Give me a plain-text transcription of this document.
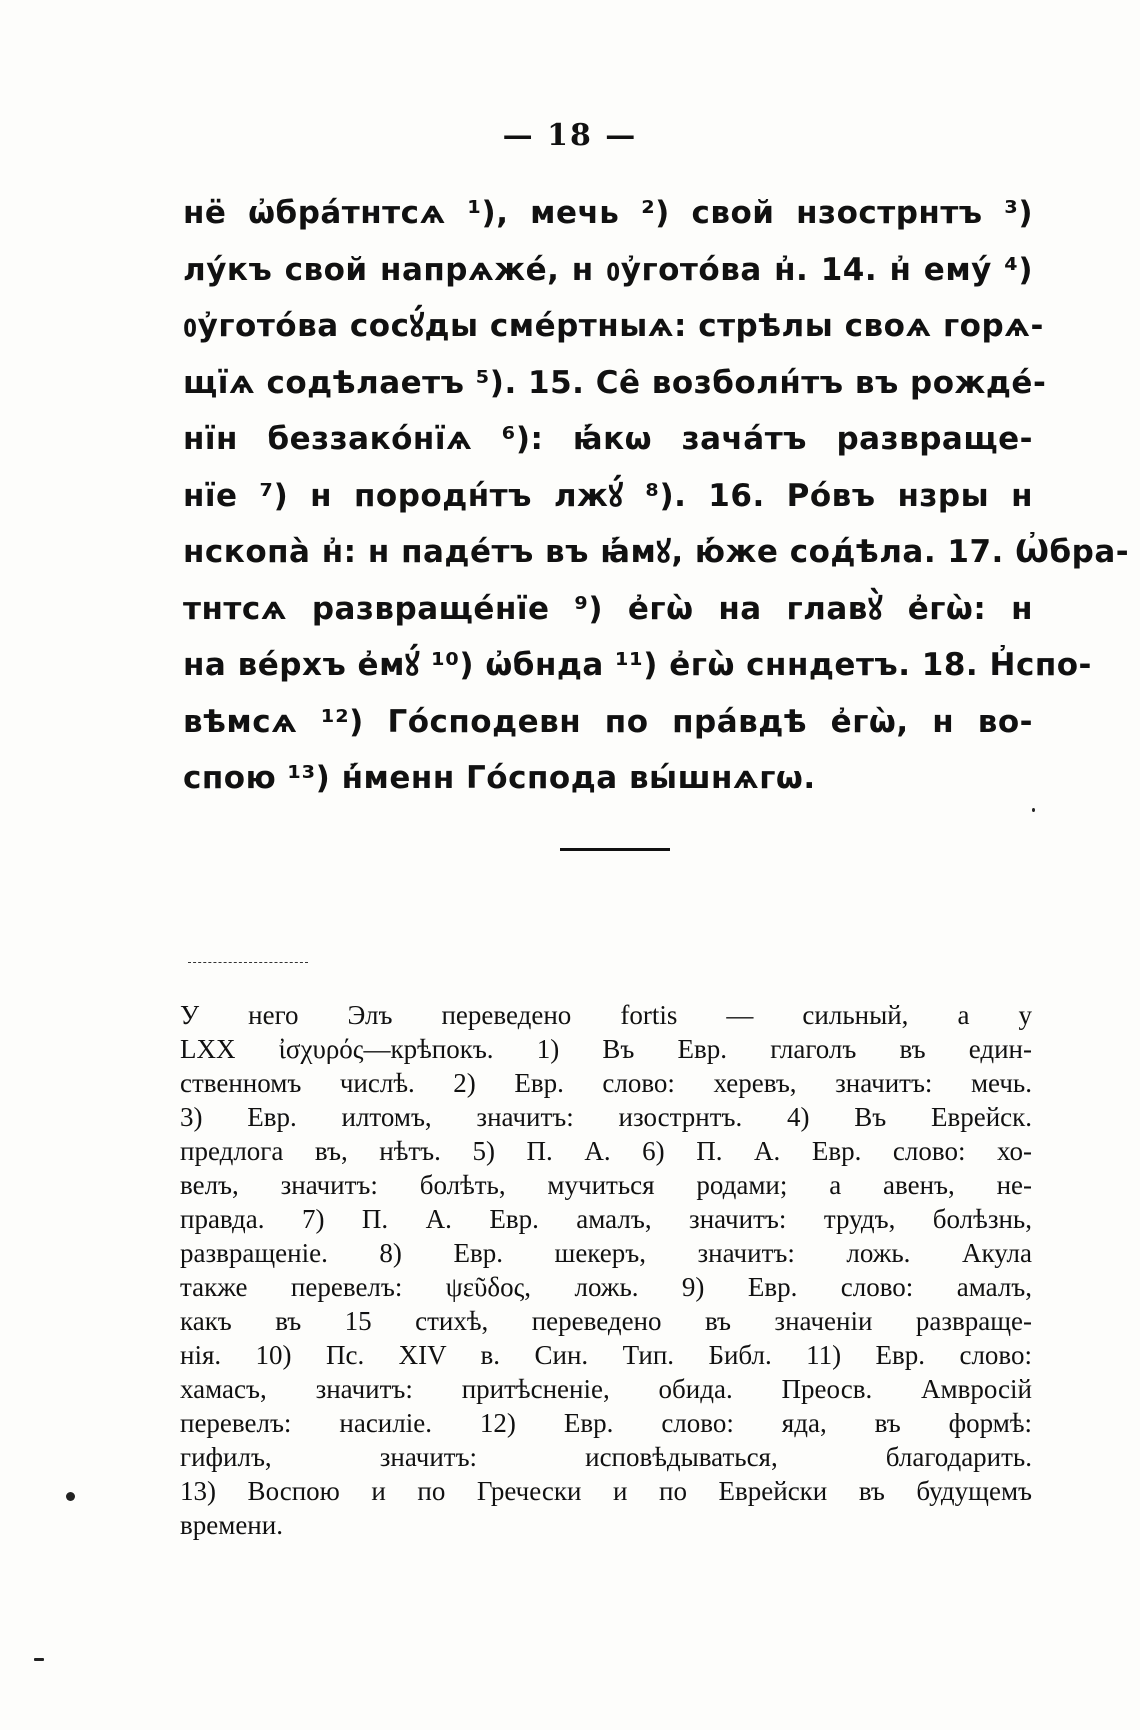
— 18 —
нё ѡ҆бра́тнтсѧ ¹), мечь ²) свой нзострнтъ ³)
лу́къ свой напрѧже́, н ᲂу҆гото́ва н҆. 14. н҆ ему́ ⁴)
ᲂу҆гото́ва сосꙋ́ды сме́ртныѧ: стрѣлы своѧ горѧ-
щїѧ содѣлаетъ ⁵). 15. Се̑ возболн́тъ въ рожде́-
нїн беззако́нїѧ ⁶): ꙗ҆́кѡ зача́тъ развраще-
нїе ⁷) н породн́тъ лжꙋ́ ⁸). 16. Ро́въ нзры н
нскопа̀ н҆: н паде́тъ въ ꙗ҆́мꙋ, ю҆́же сод́ѣла. 17. Ѡ҆бра-
тнтсѧ развраще́нїе ⁹) е҆гѡ̀ на главꙋ̀ е҆гѡ̀: н
на ве́рхъ е҆мꙋ́ ¹⁰) ѡ҆бнда ¹¹) е҆гѡ̀ снндетъ. 18. Н҆спо-
вѣмсѧ ¹²) Го́сподевн по пра́вдѣ е҆гѡ̀, н во-
спою ¹³) н҆́менн Го́спода вы́шнѧгѡ.
У него Элъ переведено fortis — сильный, а у
LXX ἰσχυρός—крѣпокъ. 1) Въ Евр. глаголъ въ един-
ственномъ числѣ. 2) Евр. слово: херевъ, значитъ: мечь.
3) Евр. илтомъ, значитъ: изострнтъ. 4) Въ Еврейск.
предлога въ, нѣтъ. 5) П. А. 6) П. А. Евр. слово: хо-
велъ, значитъ: болѣть, мучиться родами; а авенъ, не-
правда. 7) П. А. Евр. амалъ, значитъ: трудъ, болѣзнь,
развращеніе. 8) Евр. шекеръ, значитъ: ложь. Акула
также перевелъ: ψεῦδος, ложь. 9) Евр. слово: амалъ,
какъ въ 15 стихѣ, переведено въ значеніи развраще-
нія. 10) Пс. XIV в. Син. Тип. Библ. 11) Евр. слово:
хамасъ, значитъ: притѣсненіе, обида. Преосв. Амвросій
перевелъ: насиліе. 12) Евр. слово: яда, въ формѣ:
гифилъ, значитъ: исповѣдываться, благодарить.
13) Воспою и по Гречески и по Еврейски въ будущемъ
времени.
